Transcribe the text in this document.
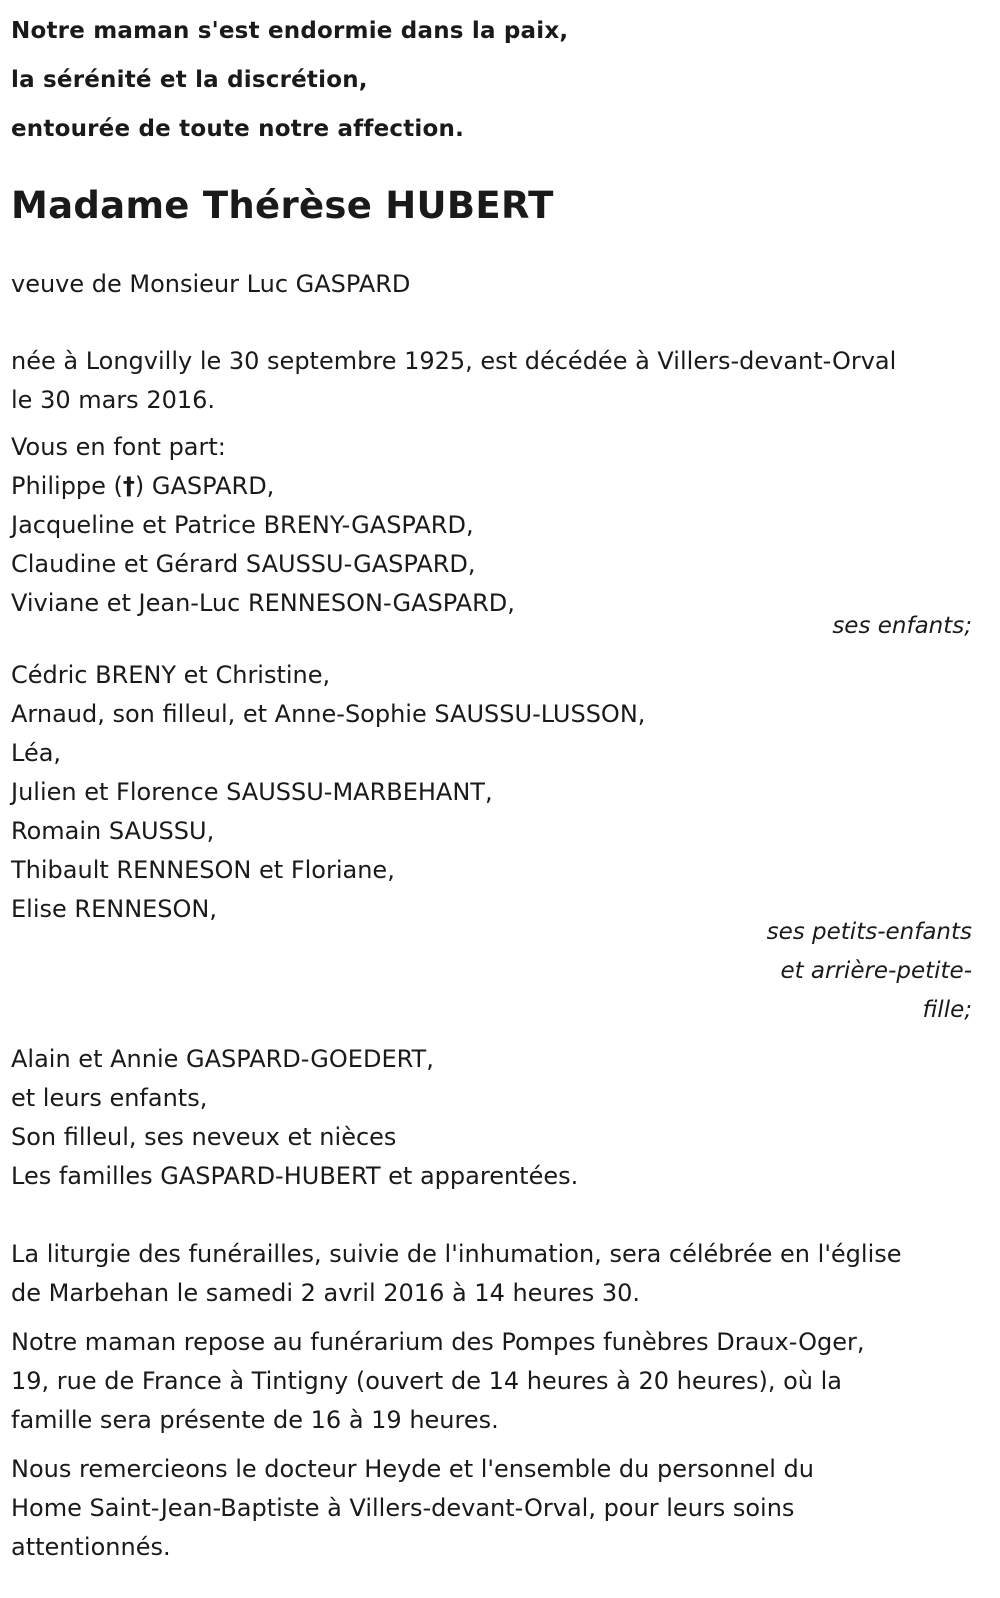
Notre maman s'est endormie dans la paix,

la sérénité et la discrétion,

entourée de toute notre affection.

Madame Thérèse HUBERT

veuve de Monsieur Luc GASPARD

née à Longvilly le 30 septembre 1925, est décédée à Villers-devant-Orval
le 30 mars 2016.

Vous en font part:
Philippe (†) GASPARD,
Jacqueline et Patrice BRENY-GASPARD,
Claudine et Gérard SAUSSU-GASPARD,
Viviane et Jean-Luc RENNESON-GASPARD,
ses enfants;
Cédric BRENY et Christine,
Arnaud, son filleul, et Anne-Sophie SAUSSU-LUSSON,
Léa,
Julien et Florence SAUSSU-MARBEHANT,
Romain SAUSSU,
Thibault RENNESON et Floriane,
Elise RENNESON,
ses petits-enfants
et arrière-petite-
fille;
Alain et Annie GASPARD-GOEDERT,
et leurs enfants,
Son filleul, ses neveux et nièces
Les familles GASPARD-HUBERT et apparentées.

La liturgie des funérailles, suivie de l'inhumation, sera célébrée en l'église
de Marbehan le samedi 2 avril 2016 à 14 heures 30.

Notre maman repose au funérarium des Pompes funèbres Draux-Oger,
19, rue de France à Tintigny (ouvert de 14 heures à 20 heures), où la
famille sera présente de 16 à 19 heures.

Nous remercieons le docteur Heyde et l'ensemble du personnel du
Home Saint-Jean-Baptiste à Villers-devant-Orval, pour leurs soins
attentionnés.
